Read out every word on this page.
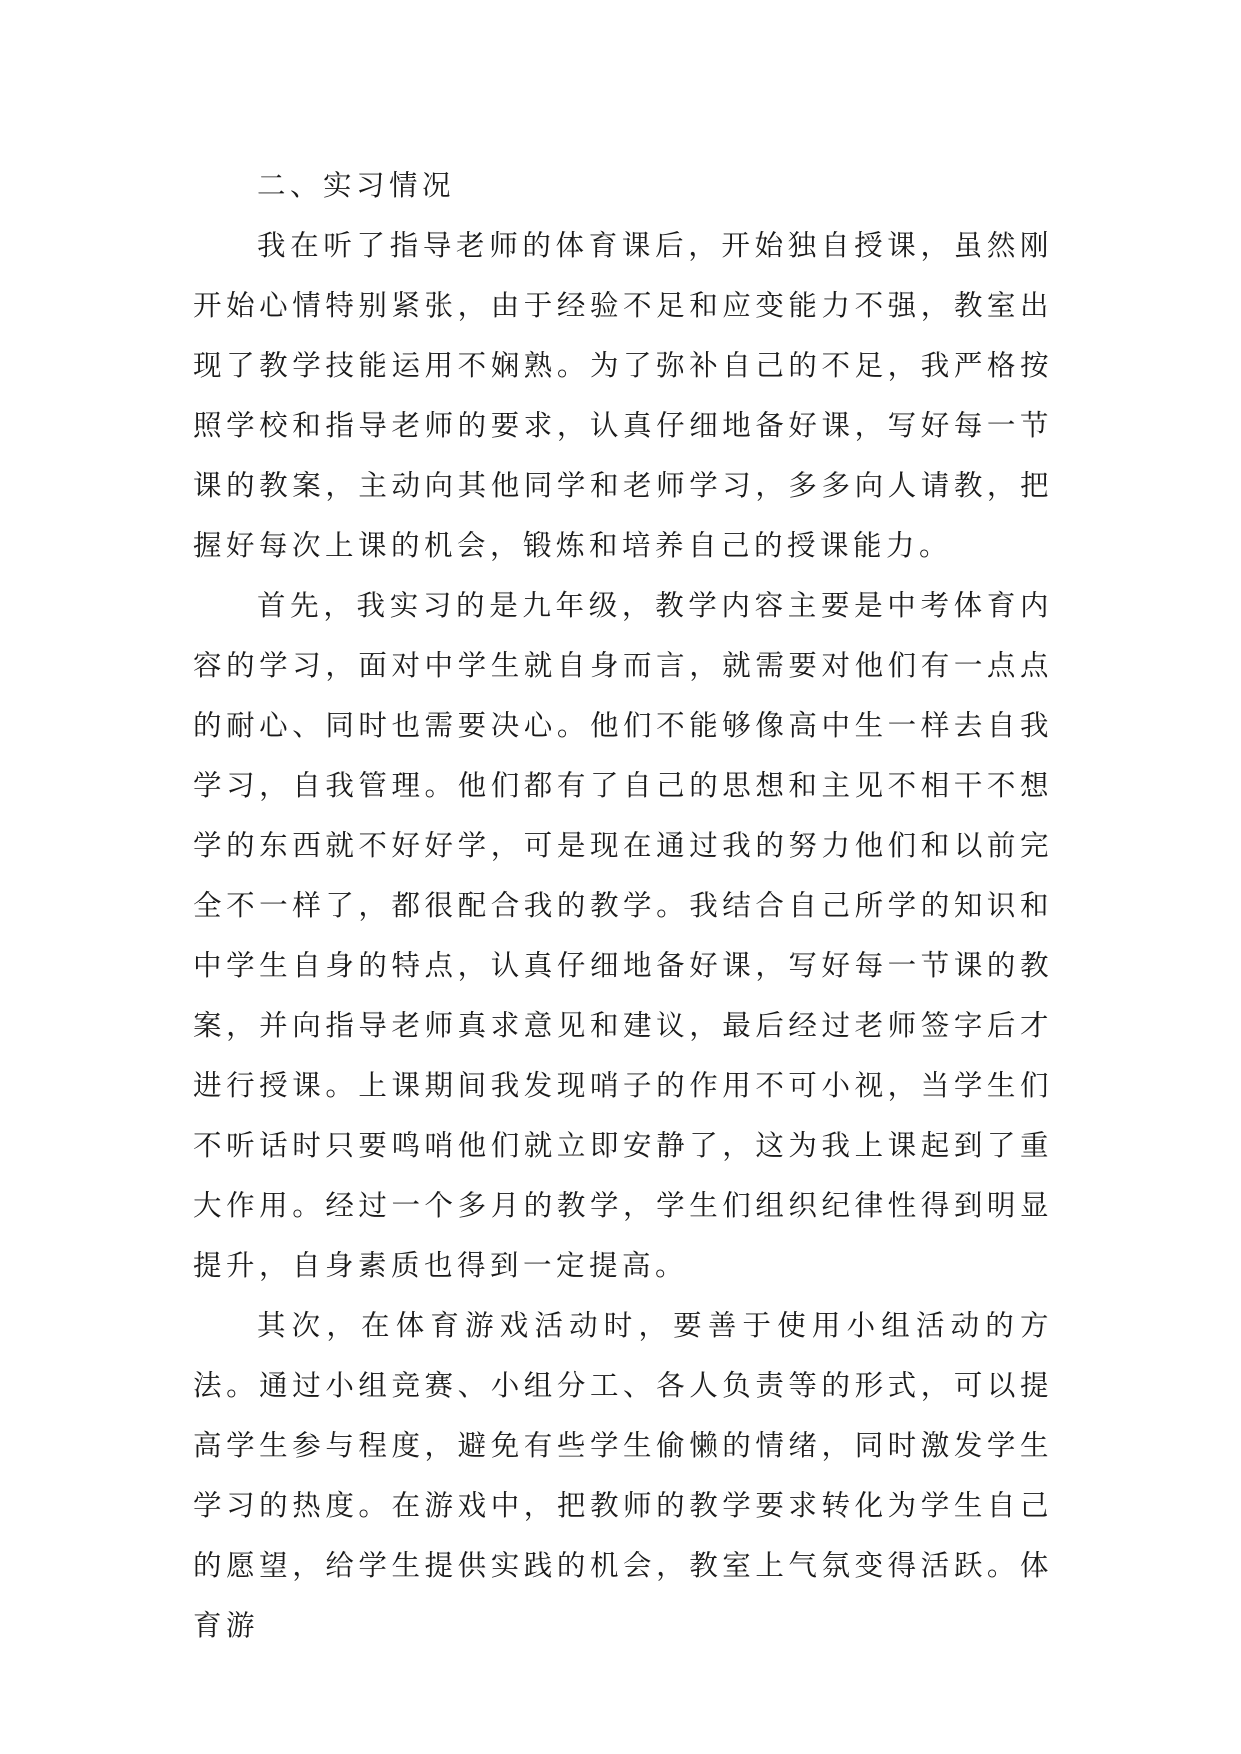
二、实习情况

我在听了指导老师的体育课后，开始独自授课，虽然刚开始心情特别紧张，由于经验不足和应变能力不强，教室出现了教学技能运用不娴熟。为了弥补自己的不足，我严格按照学校和指导老师的要求，认真仔细地备好课，写好每一节课的教案，主动向其他同学和老师学习，多多向人请教，把握好每次上课的机会，锻炼和培养自己的授课能力。

首先，我实习的是九年级，教学内容主要是中考体育内容的学习，面对中学生就自身而言，就需要对他们有一点点的耐心、同时也需要决心。他们不能够像高中生一样去自我学习，自我管理。他们都有了自己的思想和主见不相干不想学的东西就不好好学，可是现在通过我的努力他们和以前完全不一样了，都很配合我的教学。我结合自己所学的知识和中学生自身的特点，认真仔细地备好课，写好每一节课的教案，并向指导老师真求意见和建议，最后经过老师签字后才进行授课。上课期间我发现哨子的作用不可小视，当学生们不听话时只要鸣哨他们就立即安静了，这为我上课起到了重大作用。经过一个多月的教学，学生们组织纪律性得到明显提升，自身素质也得到一定提高。

其次，在体育游戏活动时，要善于使用小组活动的方法。通过小组竞赛、小组分工、各人负责等的形式，可以提高学生参与程度，避免有些学生偷懒的情绪，同时激发学生学习的热度。在游戏中，把教师的教学要求转化为学生自己的愿望，给学生提供实践的机会，教室上气氛变得活跃。体育游
